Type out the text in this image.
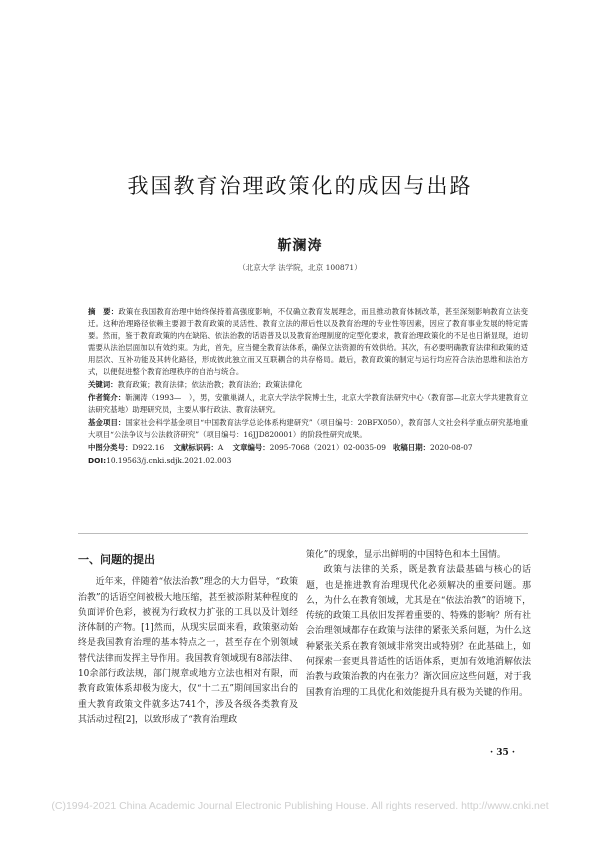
我国教育治理政策化的成因与出路
靳澜涛
（北京大学 法学院，北京 100871）
摘　要：政策在我国教育治理中始终保持着高强度影响，不仅确立教育发展理念，而且推动教育体制改革，甚至深刻影响教育立法变迁。这种治理路径依赖主要源于教育政策的灵活性、教育立法的滞后性以及教育治理的专业性等因素，因应了教育事业发展的特定需要。然而，鉴于教育政策的内在缺陷、依法治教的话语普及以及教育治理制度的定型化要求，教育治理政策化的不足也日渐显现，迫切需要从法治层面加以有效约束。为此，首先，应当健全教育法体系，确保立法资源的有效供给。其次，有必要明确教育法律和政策的适用层次、互补功能及其转化路径，形成彼此独立而又互联耦合的共存格局。最后，教育政策的制定与运行均应符合法治思维和法治方式，以便促进整个教育治理秩序的自治与统合。
关键词：教育政策；教育法律；依法治教；教育法治；政策法律化
作者简介：靳澜涛（1993—　），男，安徽巢湖人，北京大学法学院博士生，北京大学教育法研究中心（教育部—北京大学共建教育立法研究基地）助理研究员，主要从事行政法、教育法研究。
基金项目：国家社会科学基金项目“中国教育法学总论体系构建研究”（项目编号：20BFX050），教育部人文社会科学重点研究基地重大项目“公法争议与公法救济研究”（项目编号：16JJD820001）的阶段性研究成果。
中图分类号：D922.16 文献标识码：A 文章编号：2095-7068（2021）02-0035-09 收稿日期：2020-08-07
DOI:10.19563/j.cnki.sdjk.2021.02.003
一、问题的提出

近年来，伴随着“依法治教”理念的大力倡导，“政策治教”的话语空间被极大地压缩，甚至被添附某种程度的负面评价色彩，被视为行政权力扩张的工具以及计划经济体制的产物。[1]然而，从现实层面来看，政策驱动始终是我国教育治理的基本特点之一，甚至存在个别领域替代法律而发挥主导作用。我国教育领域现有8部法律、10余部行政法规，部门规章或地方立法也相对有限，而教育政策体系却极为庞大，仅“十二五”期间国家出台的重大教育政策文件就多达741个，涉及各级各类教育及其活动过程[2]，以致形成了“教育治理政

策化”的现象，显示出鲜明的中国特色和本土国情。

政策与法律的关系，既是教育法最基础与核心的话题，也是推进教育治理现代化必须解决的重要问题。那么，为什么在教育领域，尤其是在“依法治教”的语境下，传统的政策工具依旧发挥着重要的、特殊的影响？所有社会治理领域都存在政策与法律的紧张关系问题，为什么这种紧张关系在教育领域非常突出或特别？在此基础上，如何探索一套更具普适性的话语体系，更加有效地消解依法治教与政策治教的内在张力？渐次回应这些问题，对于我国教育治理的工具优化和效能提升具有极为关键的作用。

· 35 ·
(C)1994-2021 China Academic Journal Electronic Publishing House. All rights reserved. http://www.cnki.net
